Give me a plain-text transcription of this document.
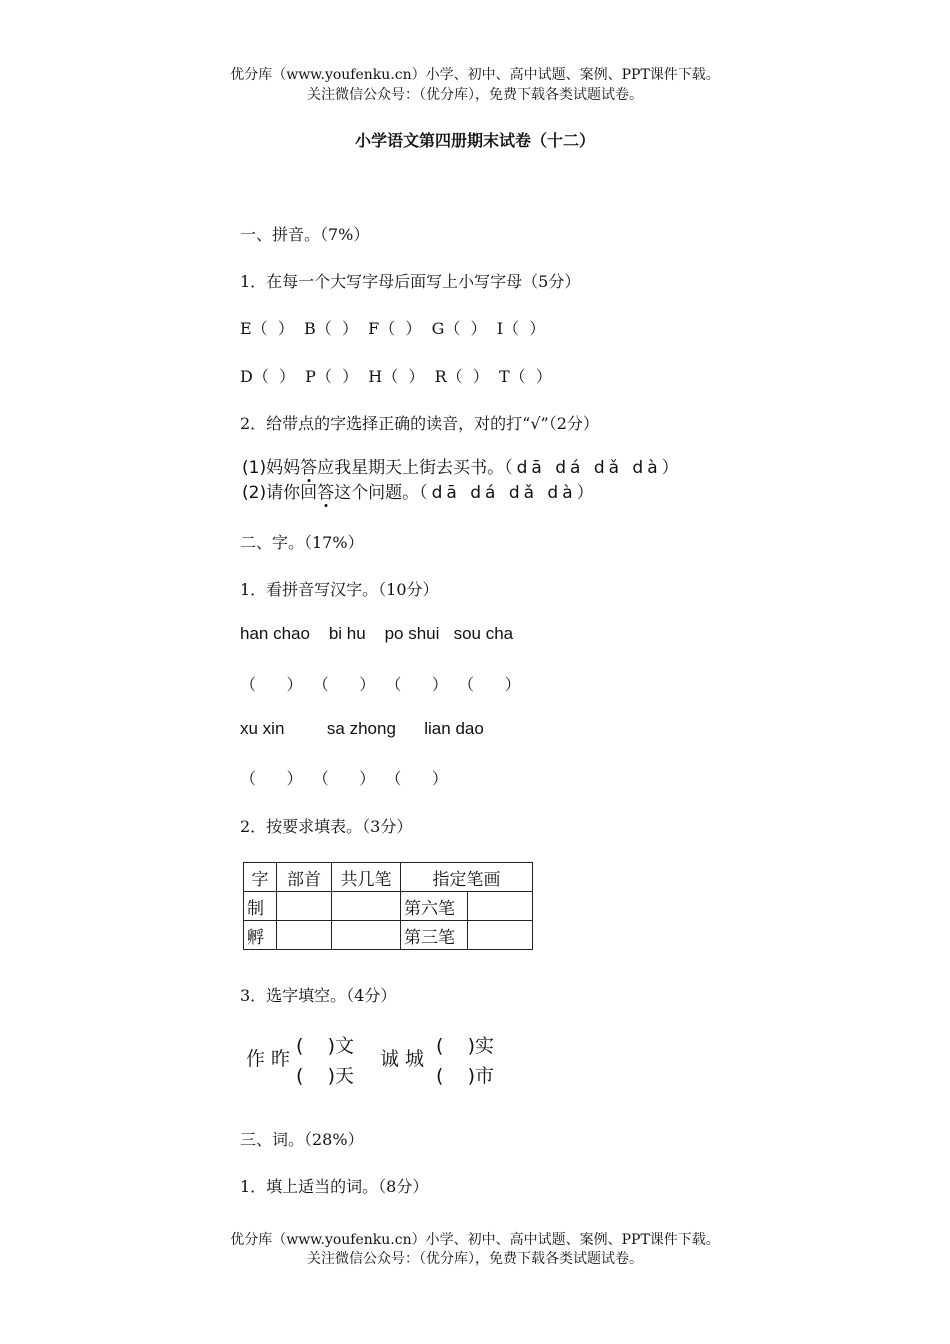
优分库（www.youfenku.cn）小学、初中、高中试题、案例、PPT课件下载。
关注微信公众号：（优分库），免费下载各类试题试卷。
小学语文第四册期末试卷（十二）
一、拼音。（7%）
1．在每一个大写字母后面写上小写字母（5分）
E（  ）  B（  ）  F（  ）  G（  ）  I（  ）
D（  ）  P（  ）  H（  ）  R（  ）  T（  ）
2．给带点的字选择正确的读音，对的打“√”（2分）
(1)妈妈答应我星期天上街去买书。（dā dá dǎ dà）
(2)请你回答这个问题。（dā dá dǎ dà）
二、字。（17%）
1．看拼音写汉字。（10分）
han chao    bi hu    po shui   sou cha
（      ）  （      ）  （      ）  （      ）
xu xin         sa zhong      lian dao
（      ）  （      ）  （      ）
2．按要求填表。（3分）
字	部首	共几笔	指定笔画	
制			第六笔	
孵			第三笔	
3．选字填空。（4分）
作 昨
(    )文
(    )天
诚 城
(    )实
(    )市
三、词。（28%）
1．填上适当的词。（8分）
优分库（www.youfenku.cn）小学、初中、高中试题、案例、PPT课件下载。
关注微信公众号：（优分库），免费下载各类试题试卷。
